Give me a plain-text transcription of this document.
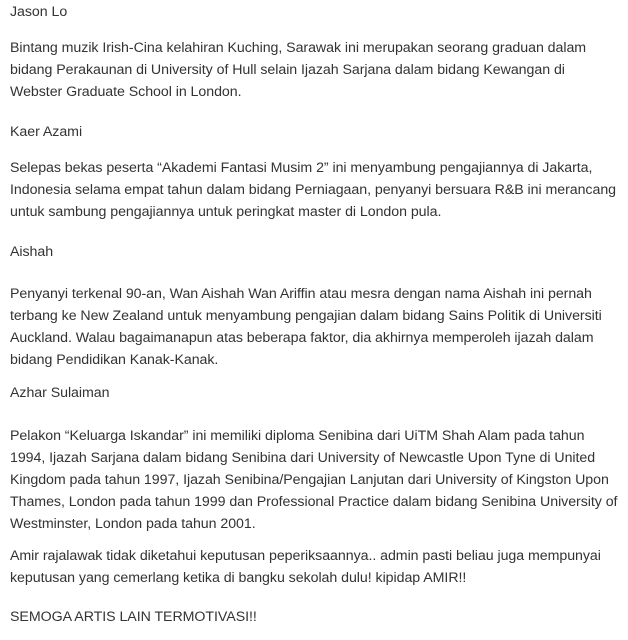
Jason Lo

Bintang muzik Irish-Cina kelahiran Kuching, Sarawak ini merupakan seorang graduan dalam bidang Perakaunan di University of Hull selain Ijazah Sarjana dalam bidang Kewangan di Webster Graduate School in London.

Kaer Azami

Selepas bekas peserta “Akademi Fantasi Musim 2” ini menyambung pengajiannya di Jakarta, Indonesia selama empat tahun dalam bidang Perniagaan, penyanyi bersuara R&B ini merancang untuk sambung pengajiannya untuk peringkat master di London pula.

Aishah

Penyanyi terkenal 90-an, Wan Aishah Wan Ariffin atau mesra dengan nama Aishah ini pernah terbang ke New Zealand untuk menyambung pengajian dalam bidang Sains Politik di Universiti Auckland. Walau bagaimanapun atas beberapa faktor, dia akhirnya memperoleh ijazah dalam bidang Pendidikan Kanak-Kanak.

Azhar Sulaiman

Pelakon “Keluarga Iskandar” ini memiliki diploma Senibina dari UiTM Shah Alam pada tahun 1994, Ijazah Sarjana dalam bidang Senibina dari University of Newcastle Upon Tyne di United Kingdom pada tahun 1997, Ijazah Senibina/Pengajian Lanjutan dari University of Kingston Upon Thames, London pada tahun 1999 dan Professional Practice dalam bidang Senibina University of Westminster, London pada tahun 2001.

Amir rajalawak tidak diketahui keputusan peperiksaannya.. admin pasti beliau juga mempunyai keputusan yang cemerlang ketika di bangku sekolah dulu! kipidap AMIR!!

SEMOGA ARTIS LAIN TERMOTIVASI!!
